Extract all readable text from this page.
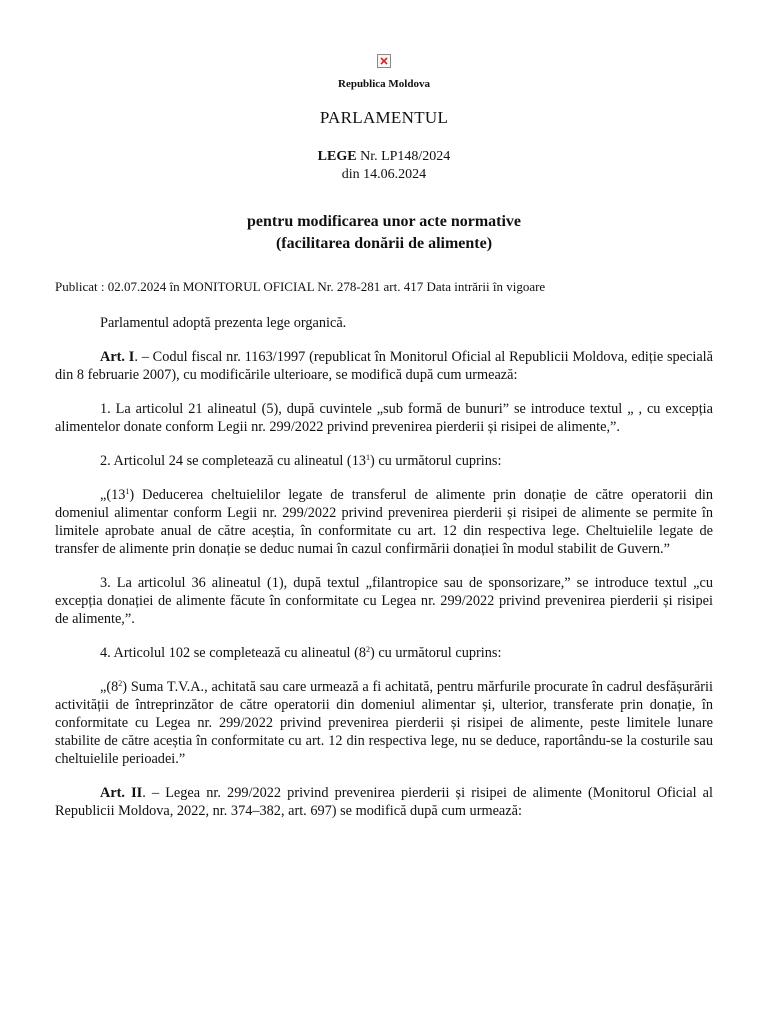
Republica Moldova
PARLAMENTUL
LEGE Nr. LP148/2024
din 14.06.2024
pentru modificarea unor acte normative
(facilitarea donării de alimente)
Publicat : 02.07.2024 în MONITORUL OFICIAL Nr. 278-281 art. 417 Data intrării în vigoare

Parlamentul adoptă prezenta lege organică.

Art. I. – Codul fiscal nr. 1163/1997 (republicat în Monitorul Oficial al Republicii Moldova, ediție specială din 8 februarie 2007), cu modificările ulterioare, se modifică după cum urmează:

1. La articolul 21 alineatul (5), după cuvintele „sub formă de bunuri” se introduce textul „ , cu excepția alimentelor donate conform Legii nr. 299/2022 privind prevenirea pierderii și risipei de alimente,”.

2. Articolul 24 se completează cu alineatul $(13^1)$ cu următorul cuprins:

$„(13^1)$ Deducerea cheltuielilor legate de transferul de alimente prin donație de către operatorii din domeniul alimentar conform Legii nr. 299/2022 privind prevenirea pierderii și risipei de alimente se permite în limitele aprobate anual de către aceștia, în conformitate cu art. 12 din respectiva lege. Cheltuielile legate de transfer de alimente prin donație se deduc numai în cazul confirmării donației în modul stabilit de Guvern.”

3. La articolul 36 alineatul (1), după textul „filantropice sau de sponsorizare,” se introduce textul „cu excepția donației de alimente făcute în conformitate cu Legea nr. 299/2022 privind prevenirea pierderii și risipei de alimente,”.

4. Articolul 102 se completează cu alineatul $(8^2)$ cu următorul cuprins:

$„(8^2)$ Suma T.V.A., achitată sau care urmează a fi achitată, pentru mărfurile procurate în cadrul desfășurării activității de întreprinzător de către operatorii din domeniul alimentar și, ulterior, transferate prin donație, în conformitate cu Legea nr. 299/2022 privind prevenirea pierderii și risipei de alimente, peste limitele lunare stabilite de către aceștia în conformitate cu art. 12 din respectiva lege, nu se deduce, raportându-se la costurile sau cheltuielile perioadei.”

Art. II. – Legea nr. 299/2022 privind prevenirea pierderii și risipei de alimente (Monitorul Oficial al Republicii Moldova, 2022, nr. 374–382, art. 697) se modifică după cum urmează:
